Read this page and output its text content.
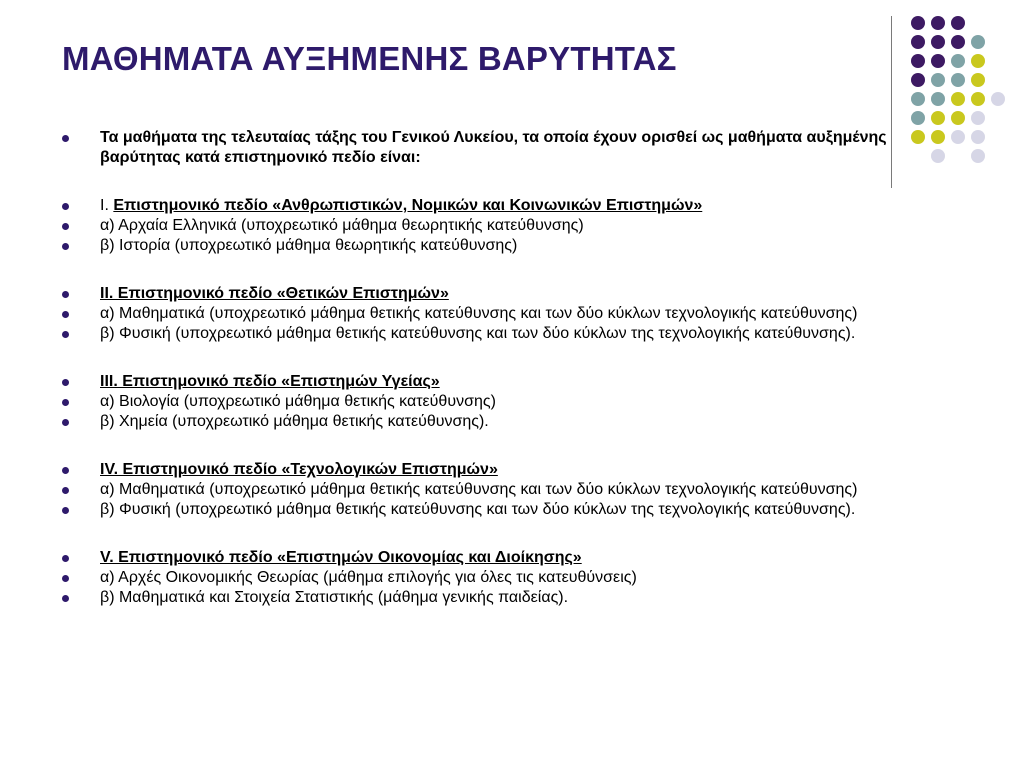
ΜΑΘΗΜΑΤΑ ΑΥΞΗΜΕΝΗΣ ΒΑΡΥΤΗΤΑΣ
Τα μαθήματα της τελευταίας τάξης του Γενικού Λυκείου, τα οποία έχουν ορισθεί ως μαθήματα αυξημένης βαρύτητας κατά επιστημονικό πεδίο είναι:
Ι. Επιστημονικό πεδίο «Ανθρωπιστικών, Νομικών και Κοινωνικών Επιστημών»
α) Αρχαία Ελληνικά (υποχρεωτικό μάθημα θεωρητικής κατεύθυνσης)
β) Ιστορία (υποχρεωτικό μάθημα θεωρητικής κατεύθυνσης)
ΙΙ. Επιστημονικό πεδίο «Θετικών Επιστημών»
α) Μαθηματικά (υποχρεωτικό μάθημα θετικής κατεύθυνσης και των δύο κύκλων τεχνολογικής κατεύθυνσης)
β) Φυσική (υποχρεωτικό μάθημα θετικής κατεύθυνσης και των δύο κύκλων της τεχνολογικής κατεύθυνσης).
ΙΙΙ. Επιστημονικό πεδίο «Επιστημών Υγείας»
α) Βιολογία (υποχρεωτικό μάθημα θετικής κατεύθυνσης)
β) Χημεία (υποχρεωτικό μάθημα θετικής κατεύθυνσης).
IV. Επιστημονικό πεδίο «Τεχνολογικών Επιστημών»
α) Μαθηματικά (υποχρεωτικό μάθημα θετικής κατεύθυνσης και των δύο κύκλων τεχνολογικής κατεύθυνσης)
β) Φυσική (υποχρεωτικό μάθημα θετικής κατεύθυνσης και των δύο κύκλων της τεχνολογικής κατεύθυνσης).
V. Επιστημονικό πεδίο «Επιστημών Οικονομίας και Διοίκησης»
α) Αρχές Οικονομικής Θεωρίας (μάθημα επιλογής για όλες τις κατευθύνσεις)
β) Μαθηματικά και Στοιχεία Στατιστικής (μάθημα γενικής παιδείας).
